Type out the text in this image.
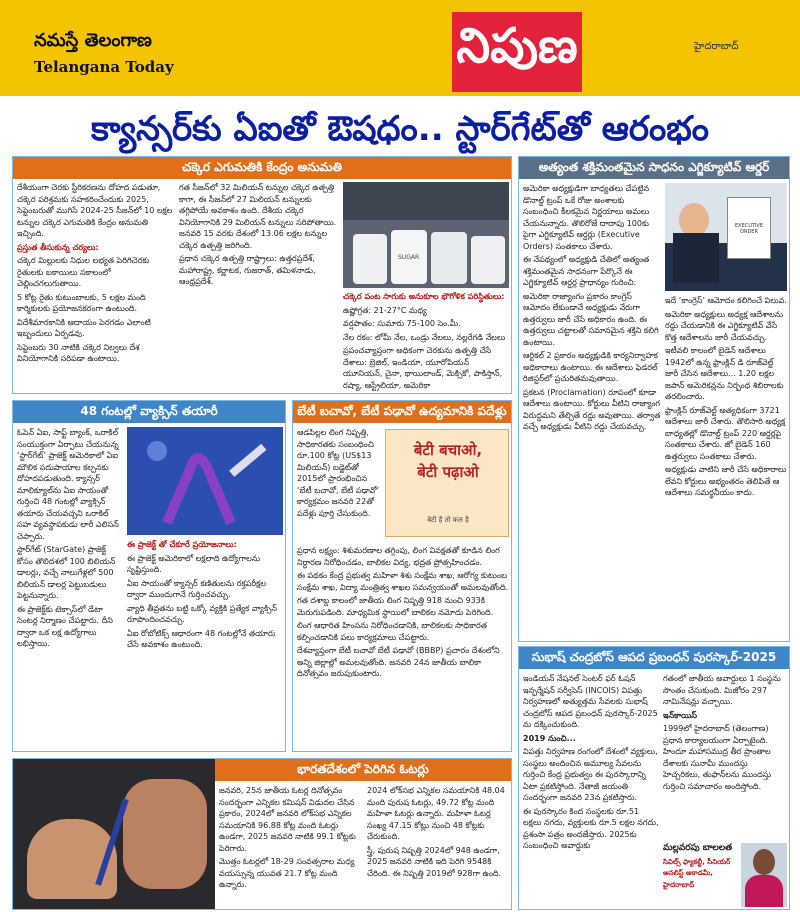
నమస్తే తెలంగాణ
Telangana Today	నిపుణ	హైదరాబాద్
క్యాన్సర్‌కు ఏఐతో ఔషధం.. స్టార్‌గేట్‌తో ఆరంభం
చక్కెర ఎగుమతికి కేంద్రం అనుమతి

దేశీయంగా చెరకు స్టీరికరణను దోహద పడుతూ, చక్కెర పరిశ్రమకు సహకరించేందుకు 2025, సెప్టెంబరుతో ముగిసే 2024-25 సీజన్‌లో 10 లక్షల టన్నుల చక్కెర ఎగుమతికి కేంద్రం అనుమతి ఇచ్చింది.

ప్రస్తుత తీసుకున్న చర్యలు:

చక్కెర మిల్లులకు నిధుల లభ్యత పెరిగిచెరకు రైతులకు బకాయిలు సకాలంలో చెల్లించగలుగుతాయి.

5 కోట్ల రైతు కుటుంబాలకు, 5 లక్షల మంది కార్మికులకు ప్రయోజనకరంగా ఉంటుంది.

విదేశీమారకానికి ఆదాయం పెరగడం ఎలాంటి ఇబ్బందులు ఏర్పడవు.

సెప్టెంబరు 30 నాటికి చక్కెర నిల్వలు దేశ వినియోగానికి సరిపడా ఉంటాయి.

గత సీజన్‌లో 32 మిలియన్ టన్నుల చక్కెర ఉత్పత్తి కాగా, ఈ సీజన్‌లో 27 మిలియన్ టన్నులకు తగ్గిపోయే అవకాశం ఉంది. దేశీయ చక్కెర వినియోగానికి 29 మిలియన్ టన్నులు సరిపోతాయి. జనవరి 15 వరకు దేశంలో 13.06 లక్షల టన్నుల చక్కెర ఉత్పత్తి జరిగింది.

ప్రధాన చక్కెర ఉత్పత్తి రాష్ట్రాలు: ఉత్తరప్రదేశ్, మహారాష్ట్ర, కర్ణాటక, గుజరాత్, తమిళనాడు, ఆంధ్రప్రదేశ్.

SUGAR

చక్కెర పంట సాగుకు అనుకూల భౌగోళిక పరిస్థితులు:

ఉష్ణోగ్రత: 21-27°C మధ్య

వర్షపాతం: సుమారు 75-100 సెం.మీ.

నేల రకం: లోమీ నేల, ఒండ్రు నేలలు, నల్లరేగడి నేలలు

ప్రపంచవ్యాప్తంగా అధికంగా చెరకును ఉత్పత్తి చేసే దేశాలు: బ్రెజిల్, ఇండియా, యూరోపియన్ యూనియన్, చైనా, థాయిలాండ్, మెక్సికో, పాకిస్తాన్, రష్యా, ఆస్ట్రేలియా, అమెరికా

అత్యంత శక్తిమంతమైన సాధనం ఎగ్జిక్యూటివ్ ఆర్డర్

అమెరికా అధ్యక్షుడిగా బాధ్యతలు చేపట్టిన డొనాల్డ్ ట్రంప్ ఒకే రోజు అంశాలకు సంబంధించి కీలకమైన నిర్ణయాలు అమలు చేయనున్నారు. తొలిరోజే దాదాపు 100కు పైగా ఎగ్జిక్యూటివ్ ఆర్డర్లు (Executive Orders) సంతకాలు చేశారు.

ఈ నేపథ్యంలో అధ్యక్షుడి చేతిలో అత్యంత శక్తిమంతమైన సాధనంగా పేర్కొనే ఈ ఎగ్జిక్యూటివ్ ఆర్డర్ల ప్రాధాన్యం గురించి:

అమెరికా రాజ్యాంగం ప్రకారం కాంగ్రెస్ ఆమోదం లేకుండానే అధ్యక్షుడు నేరుగా ఉత్తర్వులు జారీ చేసే అధికారం ఉంది. ఈ ఉత్తర్వులు చట్టాలతో సమానమైన శక్తిని కలిగి ఉంటాయి.

ఆర్టికల్ 2 ప్రకారం అధ్యక్షుడికి కార్యనిర్వాహక అధికారాలు ఉంటాయి. ఈ ఆదేశాలు ఫెడరల్ రిజిస్టర్‌లో ప్రచురితమవుతాయి.

ప్రకటన (Proclamation) రూపంలో కూడా ఆదేశాలు ఉంటాయి. కోర్టులు వీటిని రాజ్యాంగ విరుద్ధమని తేల్చితే రద్దు అవుతాయి. తర్వాత వచ్చే అధ్యక్షుడు వీటిని రద్దు చేయవచ్చు.

EXECUTIVE ORDER

ఇదే ‘కాంగ్రెస్’ ఆమోదం కలిగించే విలువ.

అమెరికా అధ్యక్షులు అధ్యక్ష ఆదేశాలను రద్దు చేయడానికి ఈ ఎగ్జిక్యూటివ్ వేసే కొత్త ఆదేశాలను జారీ చేయవచ్చు.

ఇటీవలి కాలంలో బైడెన్ ఆదేశాలు 1942లో ఉన్న ఫ్రాంక్లిన్ డి రూజ్‌వెల్ట్ జారీ చేసిన ఆదేశాలు... 1.20 లక్షల జపాన్ అమెరికన్లను నిర్బంధ శిబిరాలకు తరలించారు.

ఫ్రాంక్లిన్ రూజ్‌వెల్ట్ అత్యధికంగా 3721 ఆదేశాలు జారీ చేశారు. తొలిసారి అధ్యక్ష బాధ్యతల్లో డొనాల్డ్ ట్రంప్ 220 ఆర్డర్లపై సంతకాలు చేశారు. జో బైడెన్ 160 ఉత్తర్వులు సంతకాలు చేశారు.

అధ్యక్షుడు వాటిని జారీ చేసే అధికారాలు లేవని కోర్టులు అభ్యంతరం తెలిపితే ఆ ఆదేశాలు సమర్థనీయం కాదు.

48 గంటల్లో వ్యాక్సిన్ తయారీ

ఓపెన్ ఏఐ, సాఫ్ట్ బ్యాంక్, ఒరాకిల్ సంయుక్తంగా ఏర్పాటు చేయనున్న ‘స్టార్‌గేట్’ ప్రాజెక్ట్ అమెరికాలో ఏఐ మౌలిక సదుపాయాల కల్పనకు దోహదపడుతుంది. క్యాన్సర్ మాలిక్యూల్‌ను ఏఐ సాయంతో గుర్తించి 48 గంటల్లో వ్యాక్సిన్ తయారు చేయవచ్చని ఒరాకిల్ సహ వ్యవస్థాపకుడు లారీ ఎలిసన్ చెప్పారు.

స్టార్‌గేట్ (StarGate) ప్రాజెక్ట్ కోసం తొలిదశలో 100 బిలియన్ డాలర్లు, వచ్చే నాలుగేళ్లలో 500 బిలియన్ డాలర్ల పెట్టుబడులు పెట్టనున్నారు.

ఈ ప్రాజెక్ట్‌కు టెక్సాస్‌లో డేటా సెంటర్ల నిర్మాణం చేపట్టారు. దీని ద్వారా ఒక లక్ష ఉద్యోగాలు లభిస్తాయి.

ఈ ప్రాజెక్ట్ తో చేకూరే ప్రయోజనాలు:

ఈ ప్రాజెక్ట్ అమెరికాలో లక్షలాది ఉద్యోగాలను సృష్టిస్తుంది.

ఏఐ సాయంతో క్యాన్సర్ కణితులను రక్తపరీక్షల ద్వారా ముందుగానే గుర్తించవచ్చు.

వ్యాధి తీవ్రతను బట్టి ఒక్కో వ్యక్తికి ప్రత్యేక వ్యాక్సిన్ రూపొందించవచ్చు.

ఏఐ రోబోటిక్స్ ఆధారంగా 48 గంటల్లోనే తయారు చేసే అవకాశం ఉంటుంది.

బేటీ బచావో, బేటీ పఢావో ఉద్యమానికి పదేళ్లు

ఆడపిల్లల లింగ నిష్పత్తి, సాధికారతకు సంబంధించి రూ.100 కోట్ల (US$13 మిలియన్) బడ్జెట్‌తో 2015లో ప్రారంభించిన ‘బేటీ బచావో, బేటీ పఢావో’ కార్యక్రమం జనవరి 22తో పదేళ్లు పూర్తి చేసుకుంది.

बेटी बचाओ,
बेटी पढ़ाओ
बेटी है तो कल है

ప్రధాన లక్ష్యం: శిశుమరణాల తగ్గింపు, లింగ వివక్షతతో కూడిన లింగ నిర్ధారణ నిరోధించడం, బాలికల విద్య, భద్రత ప్రోత్సహించడం.

ఈ పథకం కేంద్ర ప్రభుత్వ మహిళా శిశు సంక్షేమ శాఖ, ఆరోగ్య కుటుంబ సంక్షేమ శాఖ, విద్యా మంత్రిత్వ శాఖల సమన్వయంతో అమలవుతోంది.

గత దశాబ్ద కాలంలో జాతీయ లింగ నిష్పత్తి 918 నుంచి 933కి మెరుగుపడింది. మాధ్యమిక స్థాయిలో బాలికల నమోదు పెరిగింది.

లింగ ఆధారిత హింసను నిరోధించడానికి, బాలికలకు సాధికారత కల్పించడానికి పలు కార్యక్రమాలు చేపట్టారు.

దేశవ్యాప్తంగా బేటీ బచావో బేటీ పఢావో (BBBP) ప్రచారం దేశంలోని అన్ని జిల్లాల్లో అమలవుతోంది. జనవరి 24న జాతీయ బాలికా దినోత్సవం జరుపుకుంటారు.

సుభాష్ చంద్రబోస్ ఆపద ప్రబంధన్ పురస్కార్-2025

ఇండియన్ నేషనల్ సెంటర్ ఫర్ ఓషన్ ఇన్ఫర్మేషన్ సర్వీసెస్ (INCOIS) విపత్తు నిర్వహణలో అత్యుత్తమ సేవలకు సుభాష్ చంద్రబోస్ ఆపద ప్రబంధన్ పురస్కార్-2025 ను దక్కించుకుంది.

2019 నుంచి...

విపత్తు నిర్వహణ రంగంలో దేశంలో వ్యక్తులు, సంస్థలు అందించిన అమూల్య సేవలను గుర్తించి కేంద్ర ప్రభుత్వం ఈ పురస్కారాన్ని ఏటా ప్రకటిస్తోంది. నేతాజీ జయంతి సందర్భంగా జనవరి 23న ప్రకటిస్తారు.

ఈ పురస్కారం కింద సంస్థలకు రూ.51 లక్షలు నగదు, వ్యక్తులకు రూ.5 లక్షల నగదు, ప్రశంసా పత్రం అందజేస్తారు. 2025కు సంబంధించి అవార్డుకు

గతంలో జాతీయ అవార్డులు 1 సంస్థను సొంతం చేసుకుంది. మిజోరం 297 నామినేషన్లు వచ్చాయి.

ఇన్‌కాయిస్

1999లో హైదరాబాద్ (తెలంగాణ) ప్రధాన కార్యాలయంగా ఏర్పాటైంది. హిందూ మహాసముద్ర తీర ప్రాంతాల దేశాలకు సునామీ ముందస్తు హెచ్చరికలు, తుఫాన్‌లను ముందస్తు గుర్తించి సమాచారం అందిస్తోంది.

మల్లవరపు బాలలత

సివిల్స్ ఫ్యాకల్టీ, సీనియర్ అనలిస్ట్ అకాడమీ, హైదరాబాద్

భారతదేశంలో పెరిగిన ఓటర్లు

జనవరి, 25న జాతీయ ఓటర్ల దినోత్సవం సందర్భంగా ఎన్నికల కమిషన్ విడుదల చేసిన ప్రకారం, 2024లో జనవరి లోక్‌సభ ఎన్నికల సమయానికి 96.88 కోట్ల మంది ఓటర్లు ఉండగా, 2025 జనవరి నాటికి 99.1 కోట్లకు పెరిగారు.

మొత్తం ఓటర్లలో 18-29 సంవత్సరాల మధ్య వయస్సున్న యువత 21.7 కోట్ల మంది ఉన్నారు.

2024 లోక్‌సభ ఎన్నికల సమయానికి 48.04 మంది పురుష ఓటర్లు, 49.72 కోట్ల మంది మహిళా ఓటర్లు ఉన్నారు. మహిళా ఓటర్ల సంఖ్య 47.15 కోట్లు నుంచి 48 కోట్లకు చేరుకుంది.

స్త్రీ, పురుష నిష్పత్తి 2024లో 948 ఉండగా, 2025 జనవరి నాటికి ఇది పెరిగి 9548కి చేరింది. ఈ నిష్పత్తి 2019లో 928గా ఉంది.
